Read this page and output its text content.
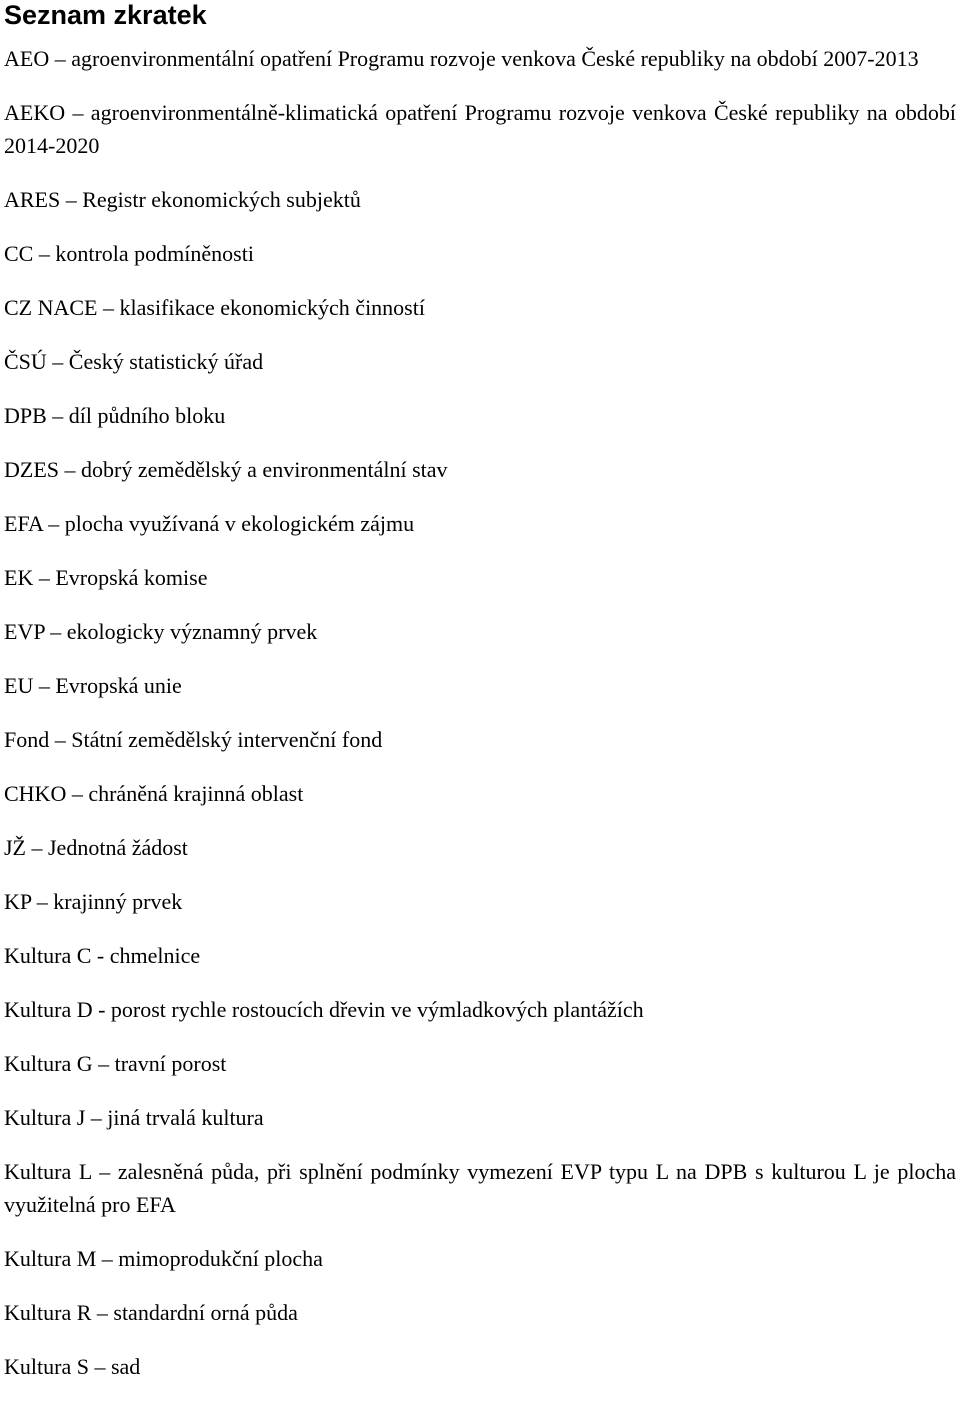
Seznam zkratek

AEO – agroenvironmentální opatření Programu rozvoje venkova České republiky na období 2007-2013

AEKO – agroenvironmentálně-klimatická opatření Programu rozvoje venkova České republiky na období 2014-2020

ARES – Registr ekonomických subjektů

CC – kontrola podmíněnosti

CZ NACE – klasifikace ekonomických činností

ČSÚ – Český statistický úřad

DPB – díl půdního bloku

DZES – dobrý zemědělský a environmentální stav

EFA – plocha využívaná v ekologickém zájmu

EK – Evropská komise

EVP – ekologicky významný prvek

EU – Evropská unie

Fond – Státní zemědělský intervenční fond

CHKO – chráněná krajinná oblast

JŽ – Jednotná žádost

KP – krajinný prvek

Kultura C - chmelnice

Kultura D - porost rychle rostoucích dřevin ve výmladkových plantážích

Kultura G – travní porost

Kultura J – jiná trvalá kultura

Kultura L – zalesněná půda, při splnění podmínky vymezení EVP typu L na DPB s kulturou L je plocha využitelná pro EFA

Kultura M – mimoprodukční plocha

Kultura R – standardní orná půda

Kultura S – sad
